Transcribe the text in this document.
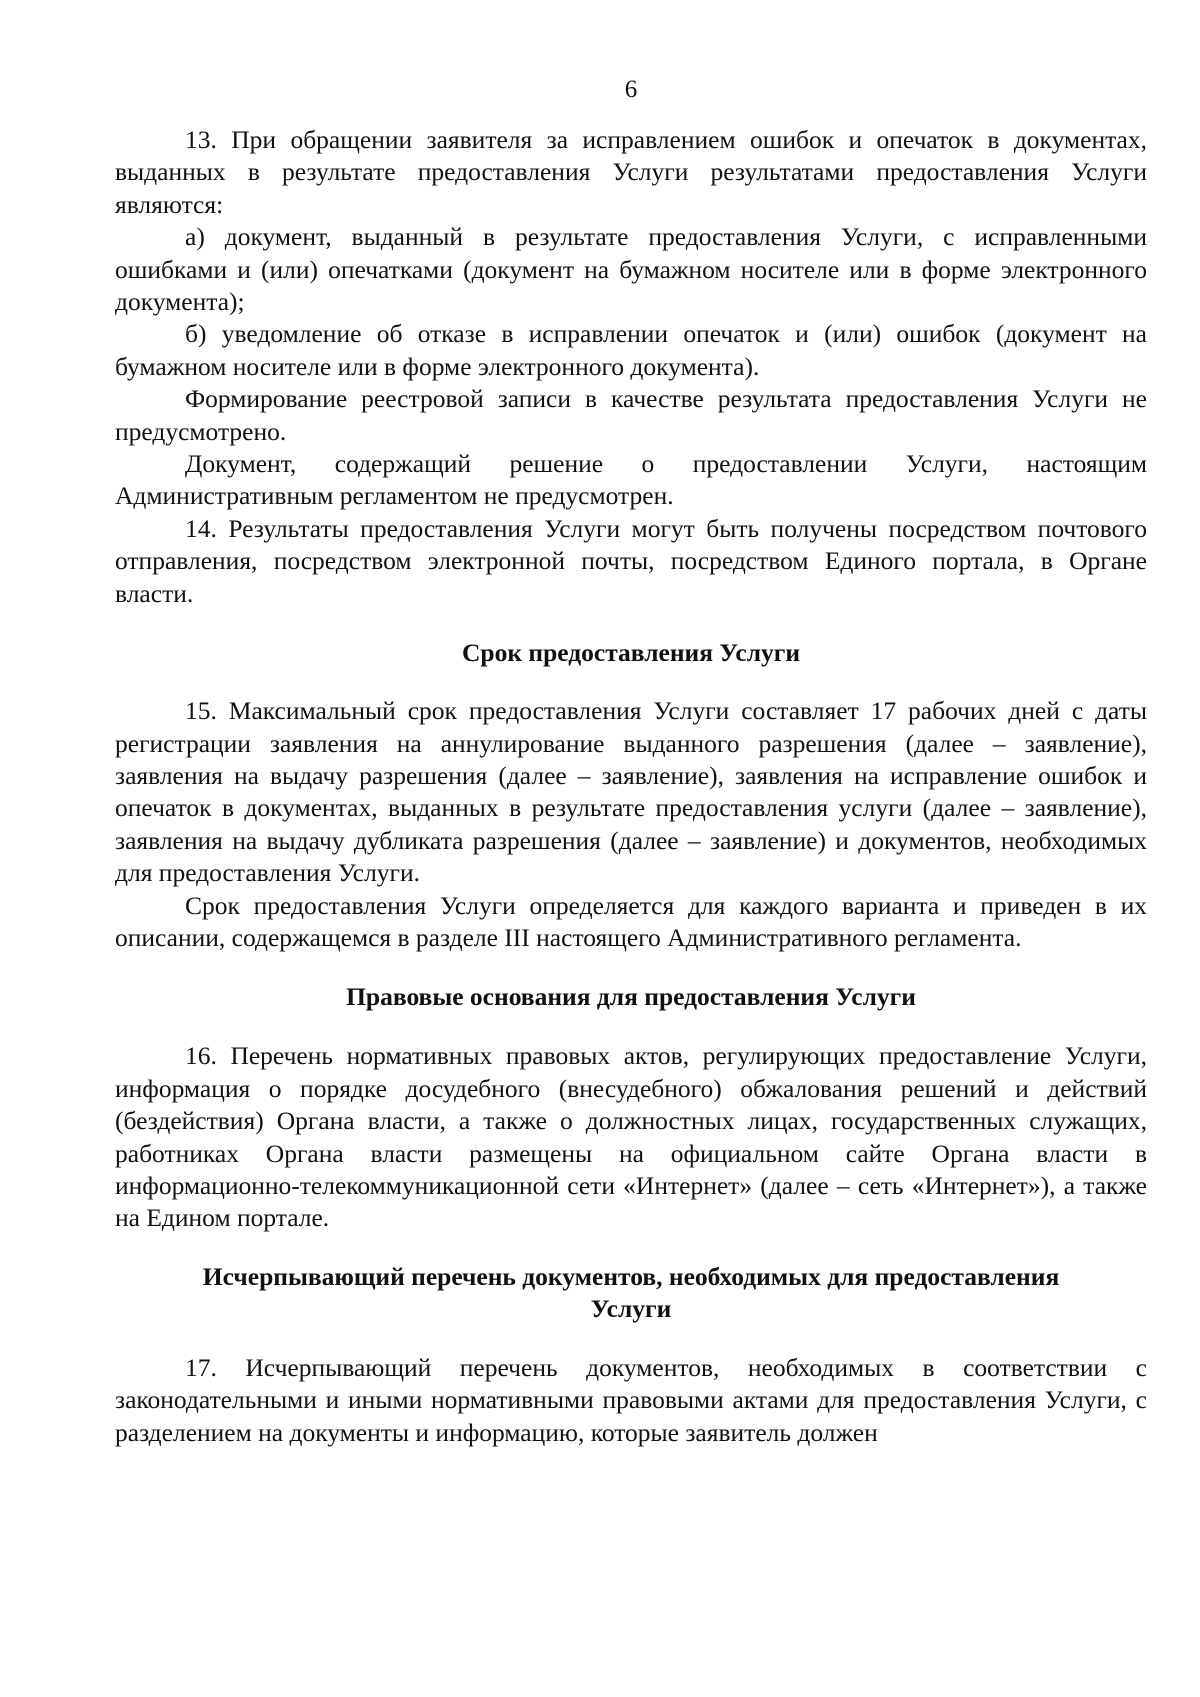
6

13. При обращении заявителя за исправлением ошибок и опечаток в документах, выданных в результате предоставления Услуги результатами предоставления Услуги являются:

а) документ, выданный в результате предоставления Услуги, с исправленными ошибками и (или) опечатками (документ на бумажном носителе или в форме электронного документа);

б) уведомление об отказе в исправлении опечаток и (или) ошибок (документ на бумажном носителе или в форме электронного документа).

Формирование реестровой записи в качестве результата предоставления Услуги не предусмотрено.

Документ, содержащий решение о предоставлении Услуги, настоящим Административным регламентом не предусмотрен.

14. Результаты предоставления Услуги могут быть получены посредством почтового отправления, посредством электронной почты, посредством Единого портала, в Органе власти.

Срок предоставления Услуги

15. Максимальный срок предоставления Услуги составляет 17 рабочих дней с даты регистрации заявления на аннулирование выданного разрешения (далее – заявление), заявления на выдачу разрешения (далее – заявление), заявления на исправление ошибок и опечаток в документах, выданных в результате предоставления услуги (далее – заявление), заявления на выдачу дубликата разрешения (далее – заявление) и документов, необходимых для предоставления Услуги.

Срок предоставления Услуги определяется для каждого варианта и приведен в их описании, содержащемся в разделе III настоящего Административного регламента.

Правовые основания для предоставления Услуги

16. Перечень нормативных правовых актов, регулирующих предоставление Услуги, информация о порядке досудебного (внесудебного) обжалования решений и действий (бездействия) Органа власти, а также о должностных лицах, государственных служащих, работниках Органа власти размещены на официальном сайте Органа власти в информационно-телекоммуникационной сети «Интернет» (далее – сеть «Интернет»), а также на Едином портале.

Исчерпывающий перечень документов, необходимых для предоставления
Услуги

17. Исчерпывающий перечень документов, необходимых в соответствии с законодательными и иными нормативными правовыми актами для предоставления Услуги, с разделением на документы и информацию, которые заявитель должен
